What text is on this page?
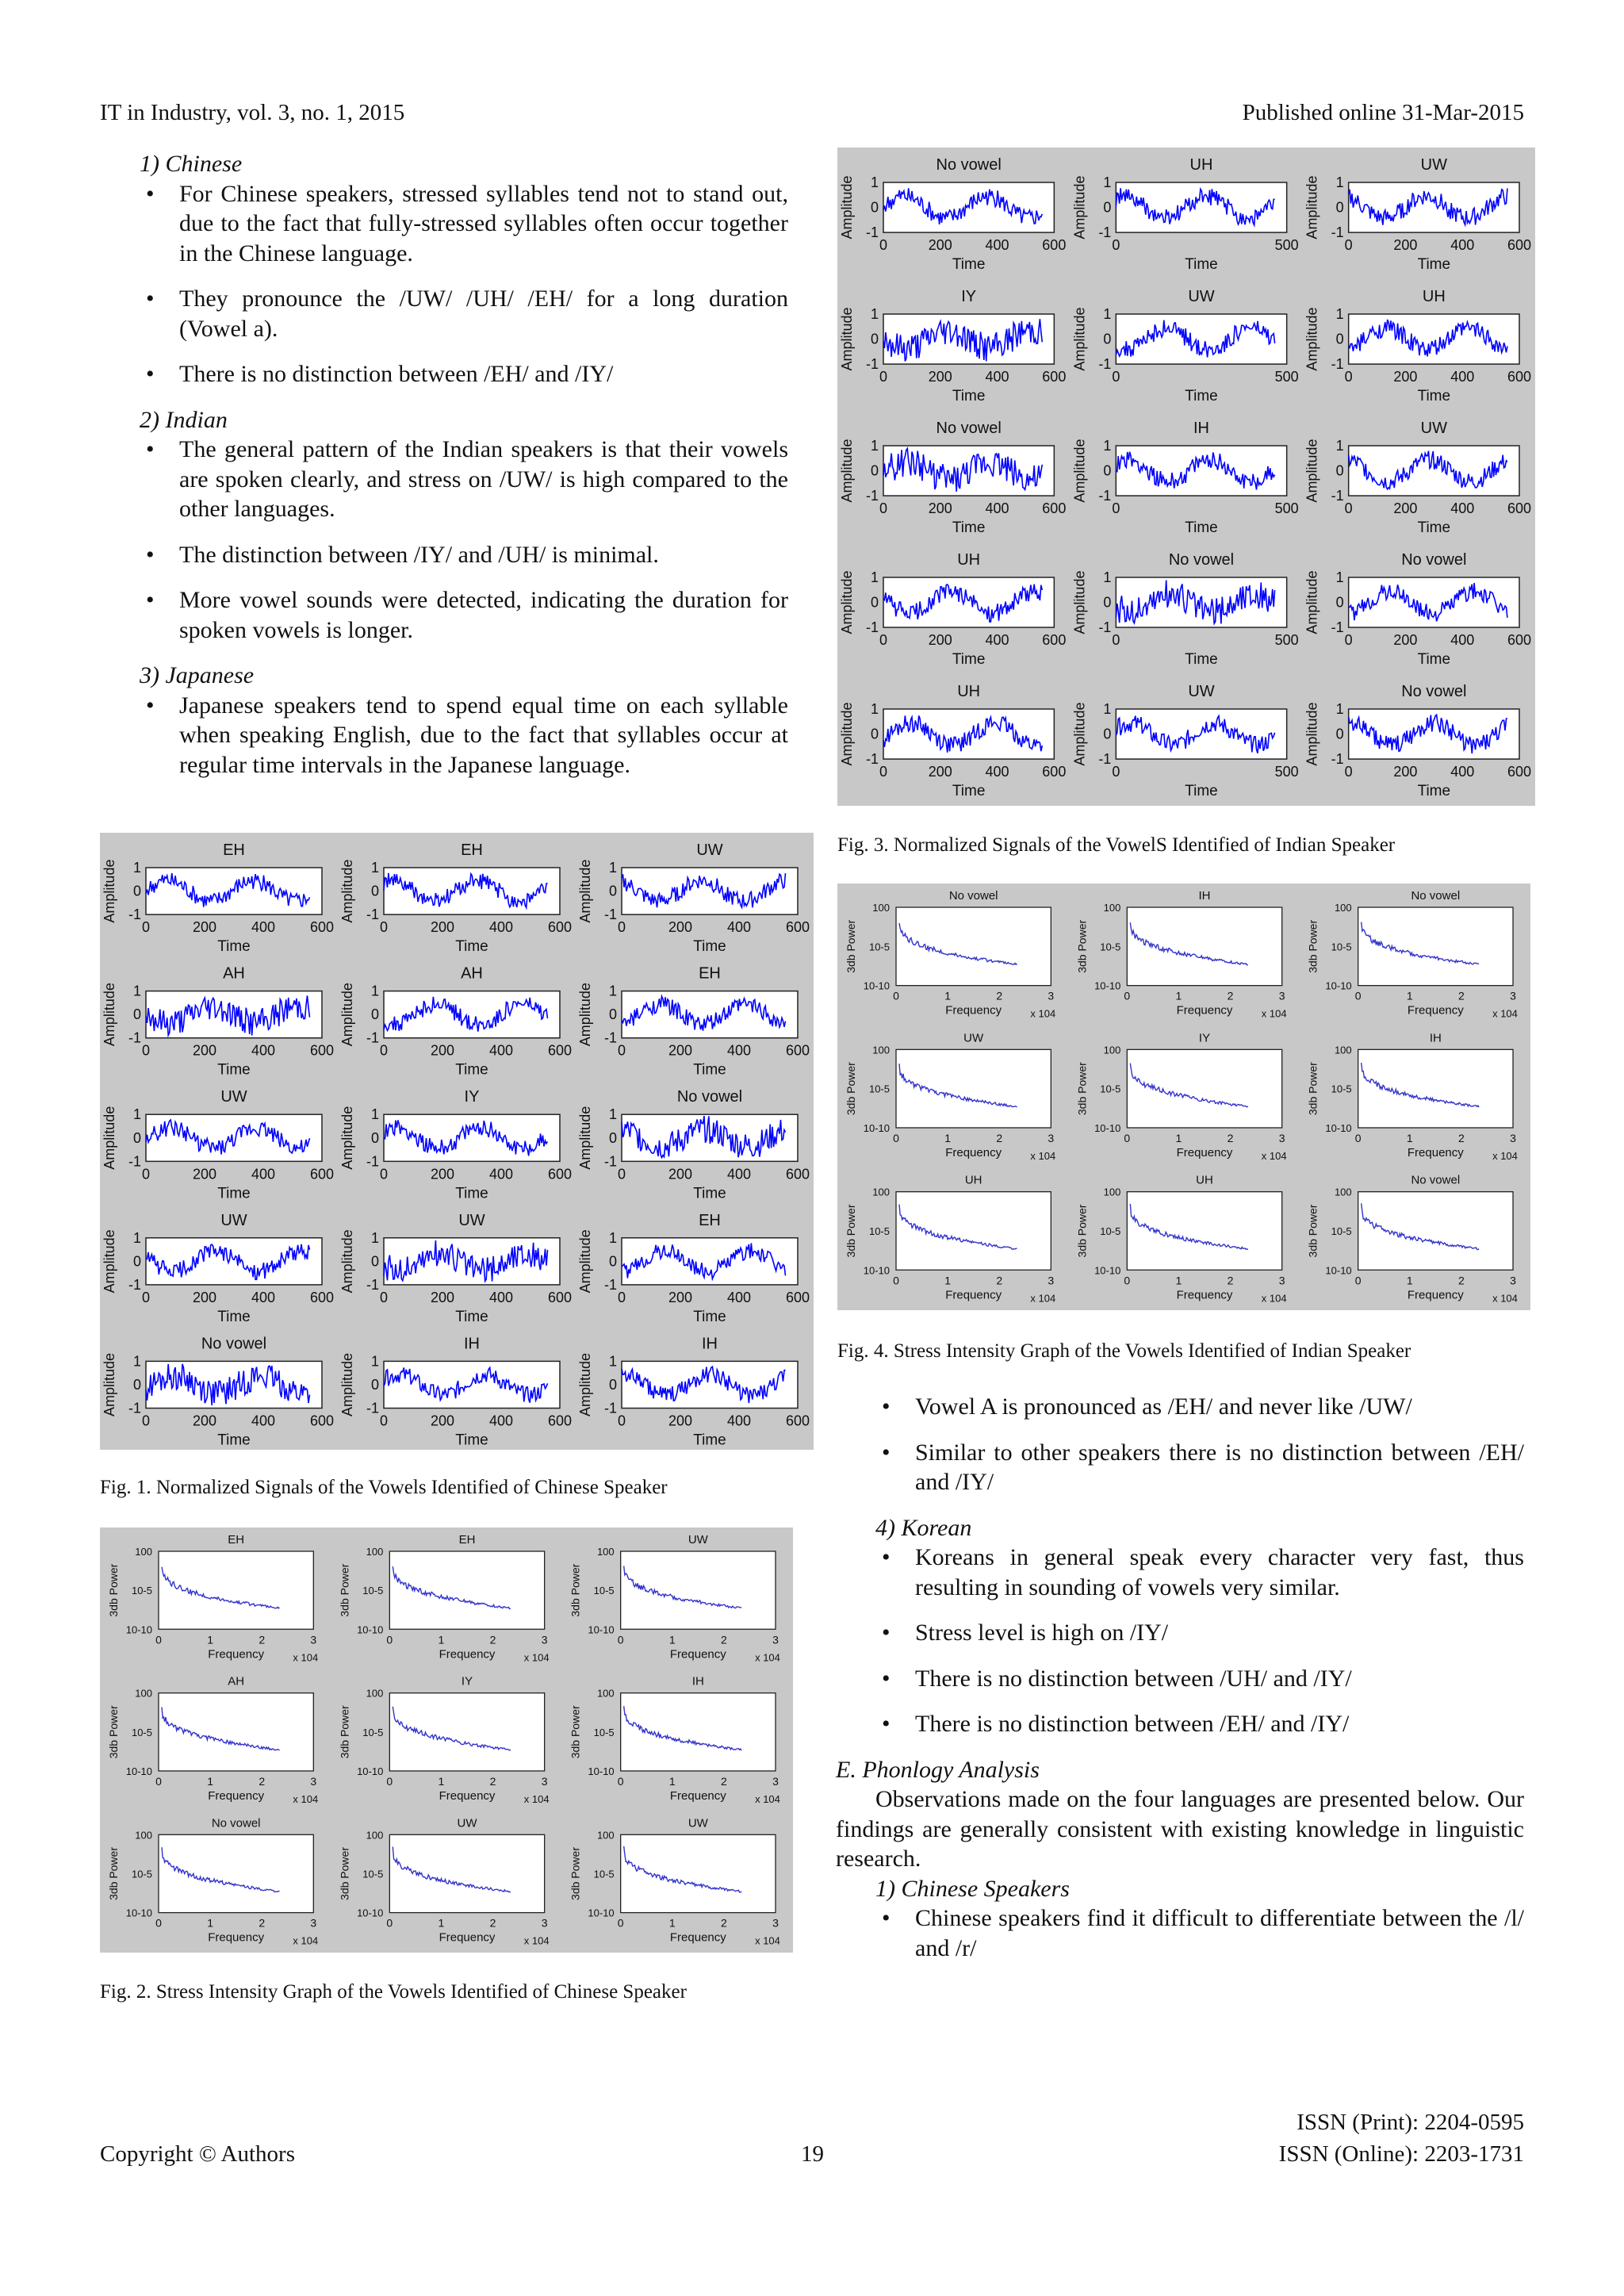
IT in Industry, vol. 3, no. 1, 2015	Published online 31-Mar-2015

1) Chinese

• For Chinese speakers, stressed syllables tend not to stand out, due to the fact that fully-stressed syllables often occur together in the Chinese language.
• They pronounce the /UW/ /UH/ /EH/ for a long duration (Vowel a).
• There is no distinction between /EH/ and /IY/

2) Indian

• The general pattern of the Indian speakers is that their vowels are spoken clearly, and stress on /UW/ is high compared to the other languages.
• The distinction between /IY/ and /UH/ is minimal.
• More vowel sounds were detected, indicating the duration for spoken vowels is longer.

3) Japanese

• Japanese speakers tend to spend equal time on each syllable when speaking English, due to the fact that syllables occur at regular time intervals in the Japanese language.
EH
-1
0
1
0	200 400 600
Time
Amplitude
EH
-1
0
1
0	200 400 600
Time
Amplitude
UW
-1
0
1
0	200 400 600
Time
Amplitude
AH
-1
0
1
0	200 400 600
Time
Amplitude
AH
-1
0
1
0	200 400 600
Time
Amplitude
EH
-1
0
1
0	200 400 600
Time
Amplitude
UW
-1
0
1
0	200 400 600
Time
Amplitude
IY
-1
0
1
0	200 400 600
Time
Amplitude
No vowel
-1
0
1
0	200 400 600
Time
Amplitude
UW
-1
0
1
0	200 400 600
Time
Amplitude
UW
-1
0
1
0	200 400 600
Time
Amplitude
EH
-1
0
1
0	200 400 600
Time
Amplitude
No vowel
-1
0
1
0	200 400 600
Time
Amplitude
IH
-1
0
1
0	200 400 600
Time
Amplitude
IH
-1
0
1
0	200 400 600
Time
Amplitude
Fig. 1. Normalized Signals of the Vowels Identified of Chinese Speaker
EH
100
10-5
10-10
0	1	2	3
Frequency	x 104
3db Power
EH
100
10-5
10-10
0	1	2	3
Frequency	x 104
3db Power
UW
100
10-5
10-10
0	1	2	3
Frequency	x 104
3db Power
AH
100
10-5
10-10
0	1	2	3
Frequency	x 104
3db Power
IY
100
10-5
10-10
0	1	2	3
Frequency	x 104
3db Power
IH
100
10-5
10-10
0	1	2	3
Frequency	x 104
3db Power
No vowel
100
10-5
10-10
0	1	2	3
Frequency	x 104
3db Power
UW
100
10-5
10-10
0	1	2	3
Frequency	x 104
3db Power
UW
100
10-5
10-10
0	1	2	3
Frequency	x 104
3db Power
Fig. 2. Stress Intensity Graph of the Vowels Identified of Chinese Speaker
No vowel
-1
0
1
0	200 400 600
Time
Amplitude
UH
-1
0
1
0	500
Time
Amplitude
UW
-1
0
1
0	200 400 600
Time
Amplitude
IY
-1
0
1
0	200 400 600
Time
Amplitude
UW
-1
0
1
0	500
Time
Amplitude
UH
-1
0
1
0	200 400 600
Time
Amplitude
No vowel
-1
0
1
0	200 400 600
Time
Amplitude
IH
-1
0
1
0	500
Time
Amplitude
UW
-1
0
1
0	200 400 600
Time
Amplitude
UH
-1
0
1
0	200 400 600
Time
Amplitude
No vowel
-1
0
1
0	500
Time
Amplitude
No vowel
-1
0
1
0	200 400 600
Time
Amplitude
UH
-1
0
1
0	200 400 600
Time
Amplitude
UW
-1
0
1
0	500
Time
Amplitude
No vowel
-1
0
1
0	200 400 600
Time
Amplitude
Fig. 3. Normalized Signals of the VowelS Identified of Indian Speaker
No vowel
100
10-5
10-10
0	1	2	3
Frequency	x 104
3db Power
IH
100
10-5
10-10
0	1	2	3
Frequency	x 104
3db Power
No vowel
100
10-5
10-10
0	1	2	3
Frequency	x 104
3db Power
UW
100
10-5
10-10
0	1	2	3
Frequency	x 104
3db Power
IY
100
10-5
10-10
0	1	2	3
Frequency	x 104
3db Power
IH
100
10-5
10-10
0	1	2	3
Frequency	x 104
3db Power
UH
100
10-5
10-10
0	1	2	3
Frequency	x 104
3db Power
UH
100
10-5
10-10
0	1	2	3
Frequency	x 104
3db Power
No vowel
100
10-5
10-10
0	1	2	3
Frequency	x 104
3db Power
Fig. 4. Stress Intensity Graph of the Vowels Identified of Indian Speaker
• Vowel A is pronounced as /EH/ and never like /UW/
• Similar to other speakers there is no distinction between /EH/ and /IY/

4) Korean

• Koreans in general speak every character very fast, thus resulting in sounding of vowels very similar.
• Stress level is high on /IY/
• There is no distinction between /UH/ and /IY/
• There is no distinction between /EH/ and /IY/

E. Phonlogy Analysis

Observations made on the four languages are presented below. Our findings are generally consistent with existing knowledge in linguistic research.

1) Chinese Speakers

• Chinese speakers find it difficult to differentiate between the /l/ and /r/
Copyright © Authors	19
ISSN (Print): 2204-0595
ISSN (Online): 2203-1731
